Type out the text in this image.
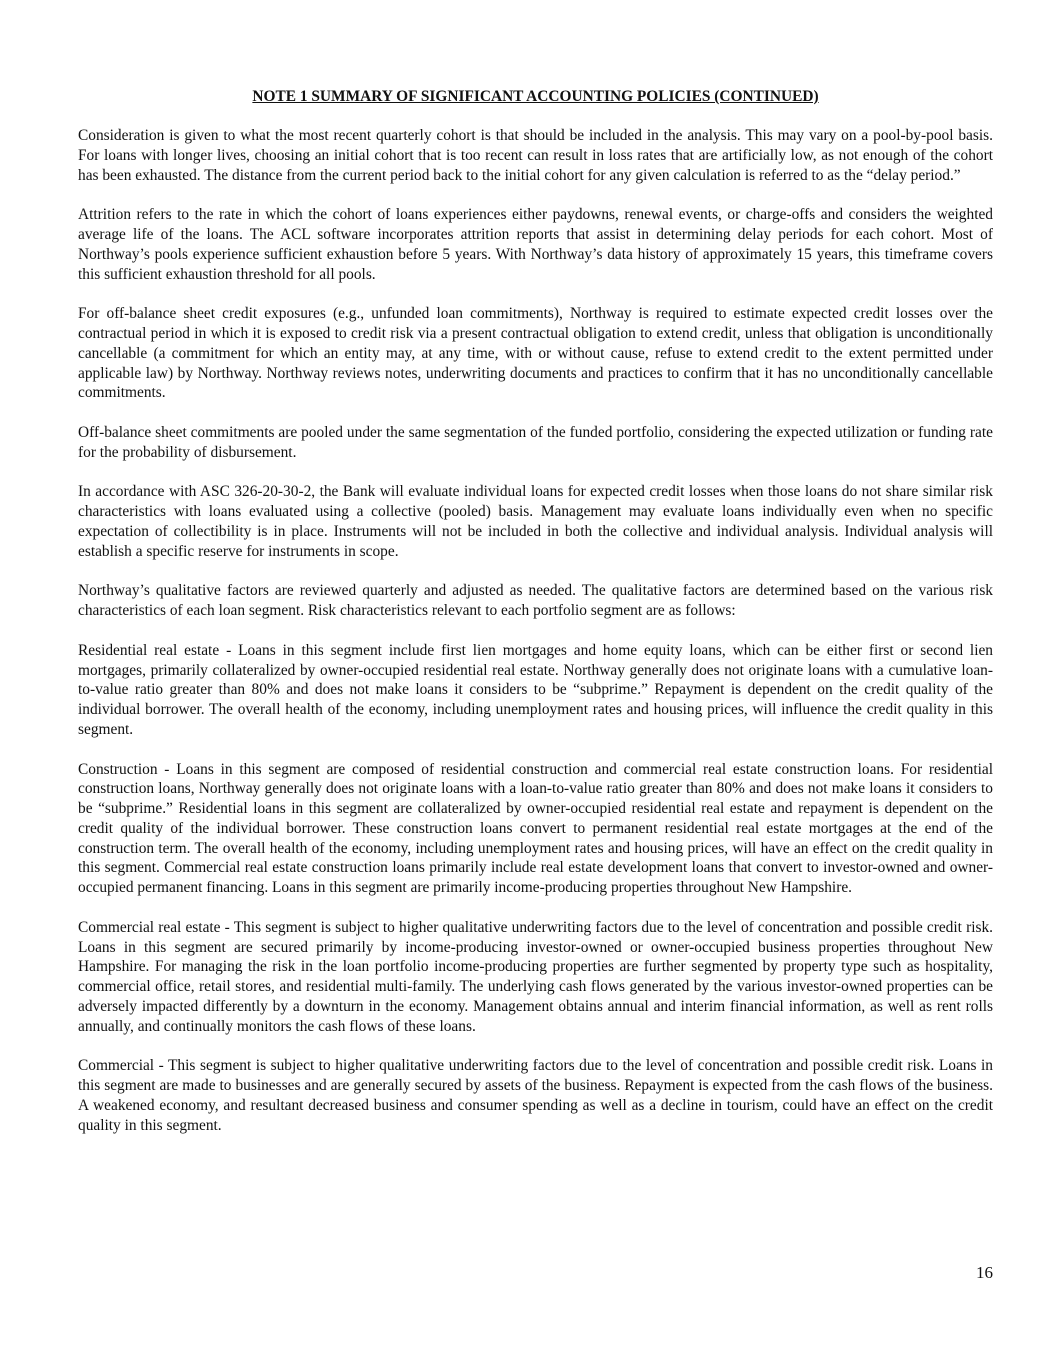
NOTE 1 SUMMARY OF SIGNIFICANT ACCOUNTING POLICIES (CONTINUED)

Consideration is given to what the most recent quarterly cohort is that should be included in the analysis. This may vary on a pool-by-pool basis. For loans with longer lives, choosing an initial cohort that is too recent can result in loss rates that are artificially low, as not enough of the cohort has been exhausted. The distance from the current period back to the initial cohort for any given calculation is referred to as the “delay period.”

Attrition refers to the rate in which the cohort of loans experiences either paydowns, renewal events, or charge-offs and considers the weighted average life of the loans. The ACL software incorporates attrition reports that assist in determining delay periods for each cohort. Most of Northway’s pools experience sufficient exhaustion before 5 years. With Northway’s data history of approximately 15 years, this timeframe covers this sufficient exhaustion threshold for all pools.

For off-balance sheet credit exposures (e.g., unfunded loan commitments), Northway is required to estimate expected credit losses over the contractual period in which it is exposed to credit risk via a present contractual obligation to extend credit, unless that obligation is unconditionally cancellable (a commitment for which an entity may, at any time, with or without cause, refuse to extend credit to the extent permitted under applicable law) by Northway. Northway reviews notes, underwriting documents and practices to confirm that it has no unconditionally cancellable commitments.

Off-balance sheet commitments are pooled under the same segmentation of the funded portfolio, considering the expected utilization or funding rate for the probability of disbursement.

In accordance with ASC 326-20-30-2, the Bank will evaluate individual loans for expected credit losses when those loans do not share similar risk characteristics with loans evaluated using a collective (pooled) basis. Management may evaluate loans individually even when no specific expectation of collectibility is in place. Instruments will not be included in both the collective and individual analysis. Individual analysis will establish a specific reserve for instruments in scope.

Northway’s qualitative factors are reviewed quarterly and adjusted as needed. The qualitative factors are determined based on the various risk characteristics of each loan segment. Risk characteristics relevant to each portfolio segment are as follows:

Residential real estate - Loans in this segment include first lien mortgages and home equity loans, which can be either first or second lien mortgages, primarily collateralized by owner-occupied residential real estate. Northway generally does not originate loans with a cumulative loan-to-value ratio greater than 80% and does not make loans it considers to be “subprime.” Repayment is dependent on the credit quality of the individual borrower. The overall health of the economy, including unemployment rates and housing prices, will influence the credit quality in this segment.

Construction - Loans in this segment are composed of residential construction and commercial real estate construction loans. For residential construction loans, Northway generally does not originate loans with a loan-to-value ratio greater than 80% and does not make loans it considers to be “subprime.” Residential loans in this segment are collateralized by owner-occupied residential real estate and repayment is dependent on the credit quality of the individual borrower. These construction loans convert to permanent residential real estate mortgages at the end of the construction term. The overall health of the economy, including unemployment rates and housing prices, will have an effect on the credit quality in this segment. Commercial real estate construction loans primarily include real estate development loans that convert to investor-owned and owner-occupied permanent financing. Loans in this segment are primarily income-producing properties throughout New Hampshire.

Commercial real estate - This segment is subject to higher qualitative underwriting factors due to the level of concentration and possible credit risk. Loans in this segment are secured primarily by income-producing investor-owned or owner-occupied business properties throughout New Hampshire. For managing the risk in the loan portfolio income-producing properties are further segmented by property type such as hospitality, commercial office, retail stores, and residential multi-family. The underlying cash flows generated by the various investor-owned properties can be adversely impacted differently by a downturn in the economy. Management obtains annual and interim financial information, as well as rent rolls annually, and continually monitors the cash flows of these loans.

Commercial - This segment is subject to higher qualitative underwriting factors due to the level of concentration and possible credit risk. Loans in this segment are made to businesses and are generally secured by assets of the business. Repayment is expected from the cash flows of the business. A weakened economy, and resultant decreased business and consumer spending as well as a decline in tourism, could have an effect on the credit quality in this segment.

16
